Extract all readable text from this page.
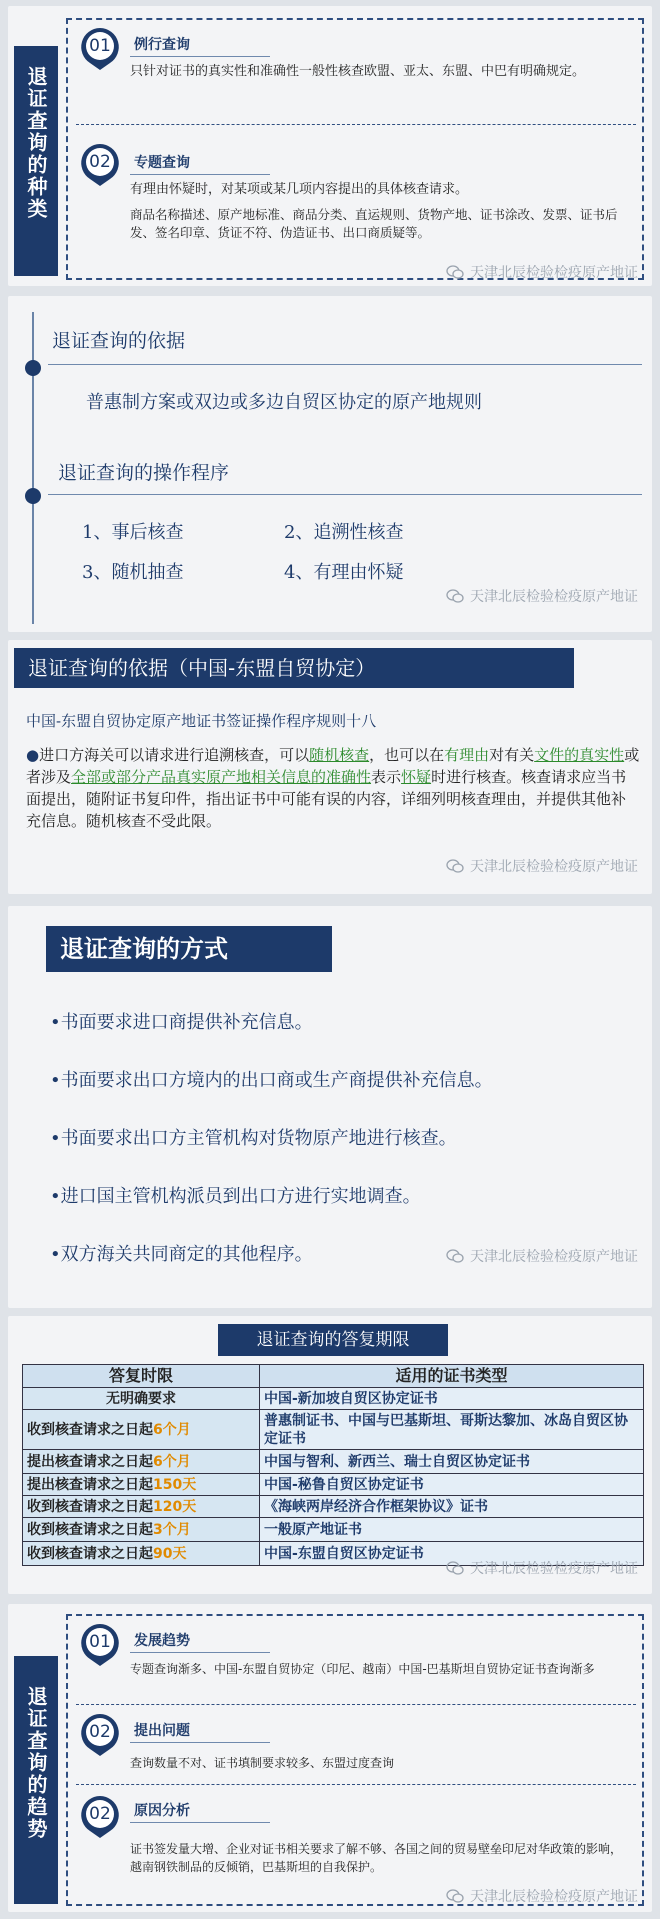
退证查询的种类
01 例行查询
只针对证书的真实性和准确性一般性核查欧盟、亚太、东盟、中巴有明确规定。
02 专题查询
有理由怀疑时，对某项或某几项内容提出的具体核查请求。
商品名称描述、原产地标准、商品分类、直运规则、货物产地、证书涂改、发票、证书后发、签名印章、货证不符、伪造证书、出口商质疑等。
天津北辰检验检疫原产地证
退证查询的依据
普惠制方案或双边或多边自贸区协定的原产地规则
退证查询的操作程序
1、事后核查	2、追溯性核查
3、随机抽查	4、有理由怀疑
天津北辰检验检疫原产地证
退证查询的依据（中国-东盟自贸协定）
中国-东盟自贸协定原产地证书签证操作程序规则十八
●进口方海关可以请求进行追溯核查，可以随机核查，也可以在有理由对有关文件的真实性或者涉及全部或部分产品真实原产地相关信息的准确性表示怀疑时进行核查。核查请求应当书面提出，随附证书复印件，指出证书中可能有误的内容，详细列明核查理由，并提供其他补充信息。随机核查不受此限。
天津北辰检验检疫原产地证
退证查询的方式
•书面要求进口商提供补充信息。
•书面要求出口方境内的出口商或生产商提供补充信息。
•书面要求出口方主管机构对货物原产地进行核查。
•进口国主管机构派员到出口方进行实地调查。
•双方海关共同商定的其他程序。	天津北辰检验检疫原产地证
退证查询的答复期限
答复时限	适用的证书类型
无明确要求	中国-新加坡自贸区协定证书
收到核查请求之日起6个月	普惠制证书、中国与巴基斯坦、哥斯达黎加、冰岛自贸区协定证书
提出核查请求之日起6个月	中国与智利、新西兰、瑞士自贸区协定证书
提出核查请求之日起150天	中国-秘鲁自贸区协定证书
收到核查请求之日起120天	《海峡两岸经济合作框架协议》证书
收到核查请求之日起3个月	一般原产地证书
收到核查请求之日起90天	中国-东盟自贸区协定证书
天津北辰检验检疫原产地证
退证查询的趋势
01 发展趋势
专题查询渐多、中国-东盟自贸协定（印尼、越南）中国-巴基斯坦自贸协定证书查询渐多
02 提出问题
查询数量不对、证书填制要求较多、东盟过度查询
02 原因分析
证书签发量大增、企业对证书相关要求了解不够、各国之间的贸易壁垒印尼对华政策的影响，越南钢铁制品的反倾销，巴基斯坦的自我保护。
天津北辰检验检疫原产地证
